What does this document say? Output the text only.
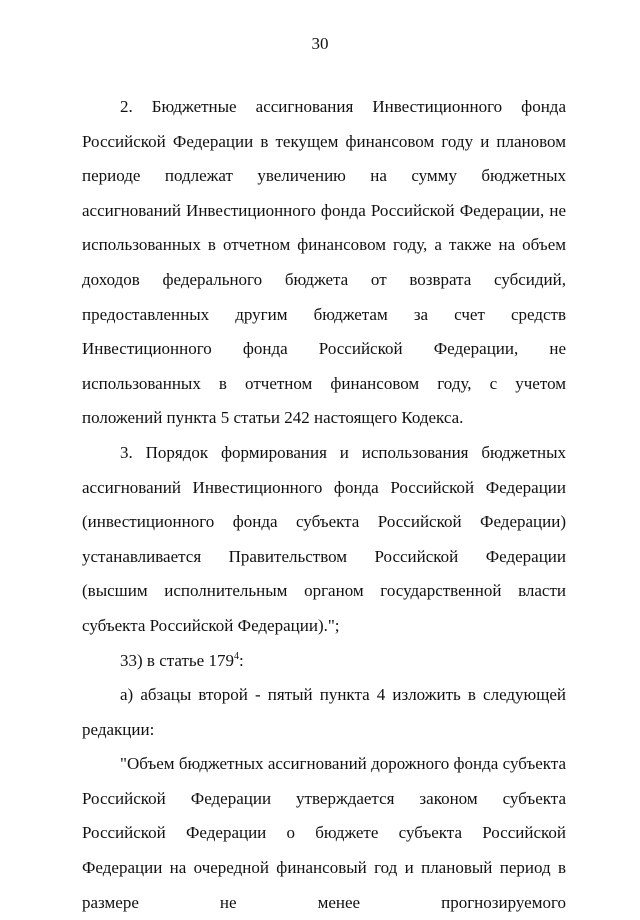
30

2. Бюджетные ассигнования Инвестиционного фонда Российской Федерации в текущем финансовом году и плановом периоде подлежат увеличению на сумму бюджетных ассигнований Инвестиционного фонда Российской Федерации, не использованных в отчетном финансовом году, а также на объем доходов федерального бюджета от возврата субсидий, предоставленных другим бюджетам за счет средств Инвестиционного фонда Российской Федерации, не использованных в отчетном финансовом году, с учетом положений пункта 5 статьи 242 настоящего Кодекса.

3. Порядок формирования и использования бюджетных ассигнований Инвестиционного фонда Российской Федерации (инвестиционного фонда субъекта Российской Федерации) устанавливается Правительством Российской Федерации (высшим исполнительным органом государственной власти субъекта Российской Федерации).";

33) в статье $179^4$:

а) абзацы второй - пятый пункта 4 изложить в следующей редакции:

"Объем бюджетных ассигнований дорожного фонда субъекта Российской Федерации утверждается законом субъекта Российской Федерации о бюджете субъекта Российской Федерации на очередной финансовый год и плановый период в размере не менее прогнозируемого
